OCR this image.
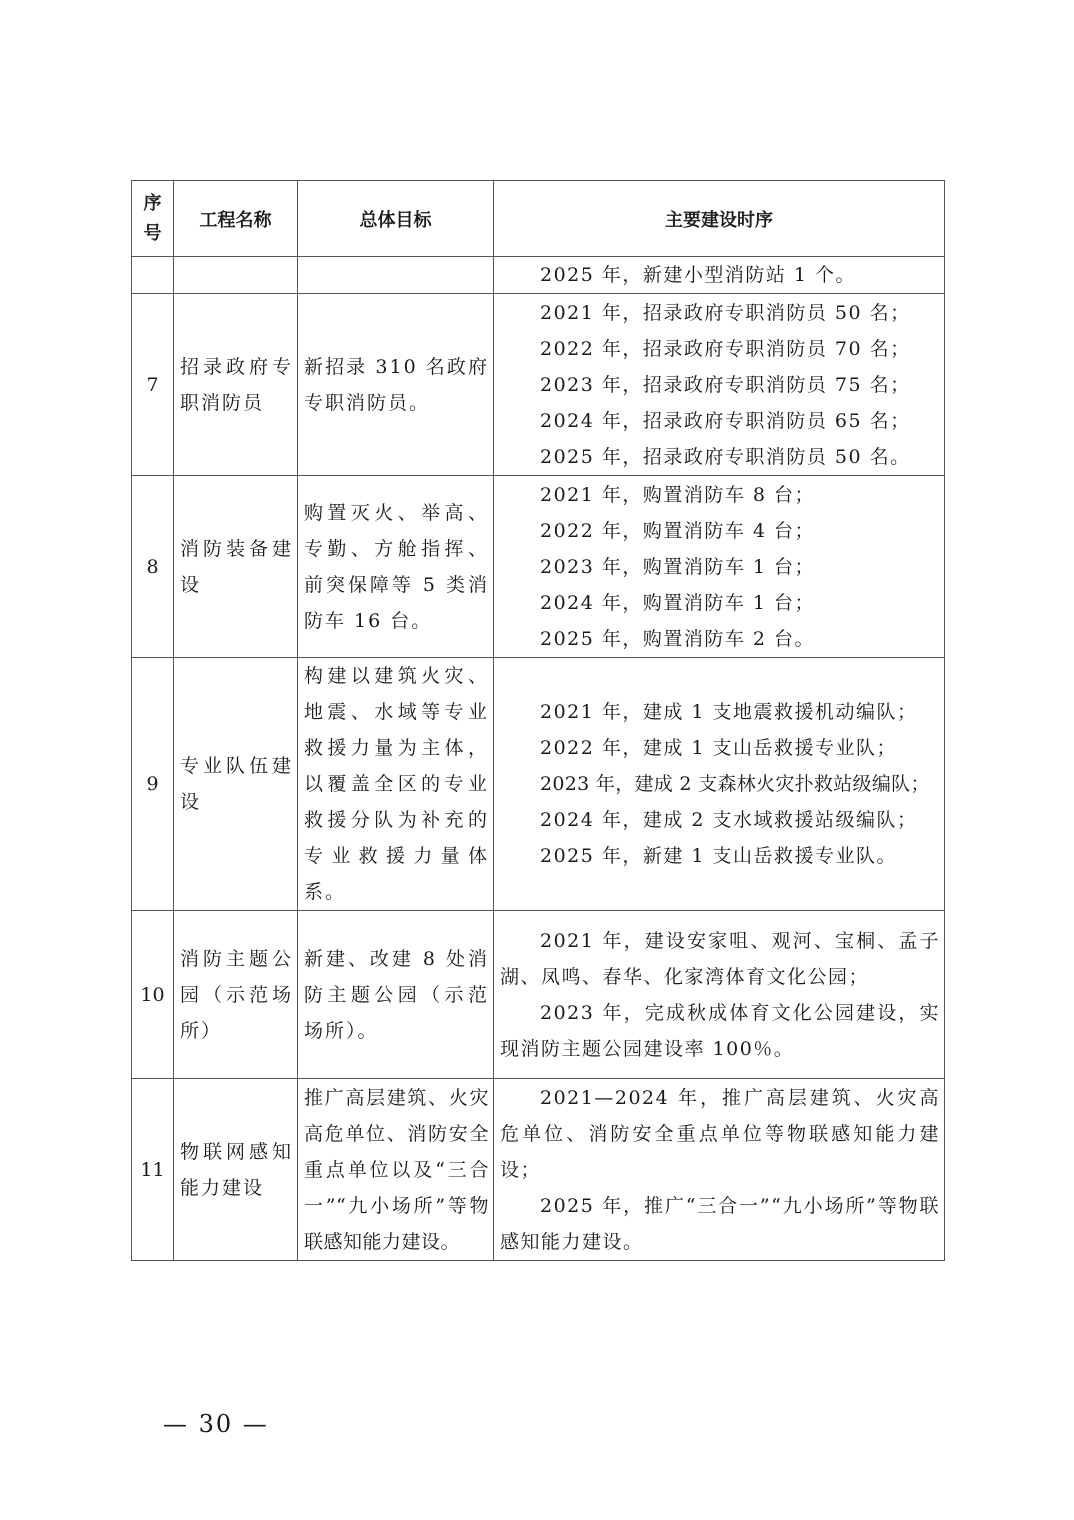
序
号	工程名称	总体目标	主要建设时序

			2025 年，新建小型消防站 1 个。

7	招录政府专职消防员	新招录 310 名政府专职消防员。	2021 年，招录政府专职消防员 50 名；
2022 年，招录政府专职消防员 70 名；
2023 年，招录政府专职消防员 75 名；
2024 年，招录政府专职消防员 65 名；
2025 年，招录政府专职消防员 50 名。

8	消防装备建设	购置灭火、举高、专勤、方舱指挥、前突保障等 5 类消防车 16 台。	2021 年，购置消防车 8 台；
2022 年，购置消防车 4 台；
2023 年，购置消防车 1 台；
2024 年，购置消防车 1 台；
2025 年，购置消防车 2 台。

9	专业队伍建设	构建以建筑火灾、地震、水域等专业救援力量为主体，以覆盖全区的专业救援分队为补充的专业救援力量体系。	2021 年，建成 1 支地震救援机动编队；
2022 年，建成 1 支山岳救援专业队；
2023 年，建成 2 支森林火灾扑救站级编队；
2024 年，建成 2 支水域救援站级编队；
2025 年，新建 1 支山岳救援专业队。

10	消防主题公园（示范场所）	新建、改建 8 处消防主题公园（示范场所）。	2021 年，建设安家咀、观河、宝桐、孟子湖、凤鸣、春华、化家湾体育文化公园；
2023 年，完成秋成体育文化公园建设，实现消防主题公园建设率 100％。

11	物联网感知能力建设	推广高层建筑、火灾高危单位、消防安全重点单位以及“三合一”“九小场所”等物联感知能力建设。	2021—2024 年，推广高层建筑、火灾高危单位、消防安全重点单位等物联感知能力建设；
2025 年，推广“三合一”“九小场所”等物联感知能力建设。
— 30 —
